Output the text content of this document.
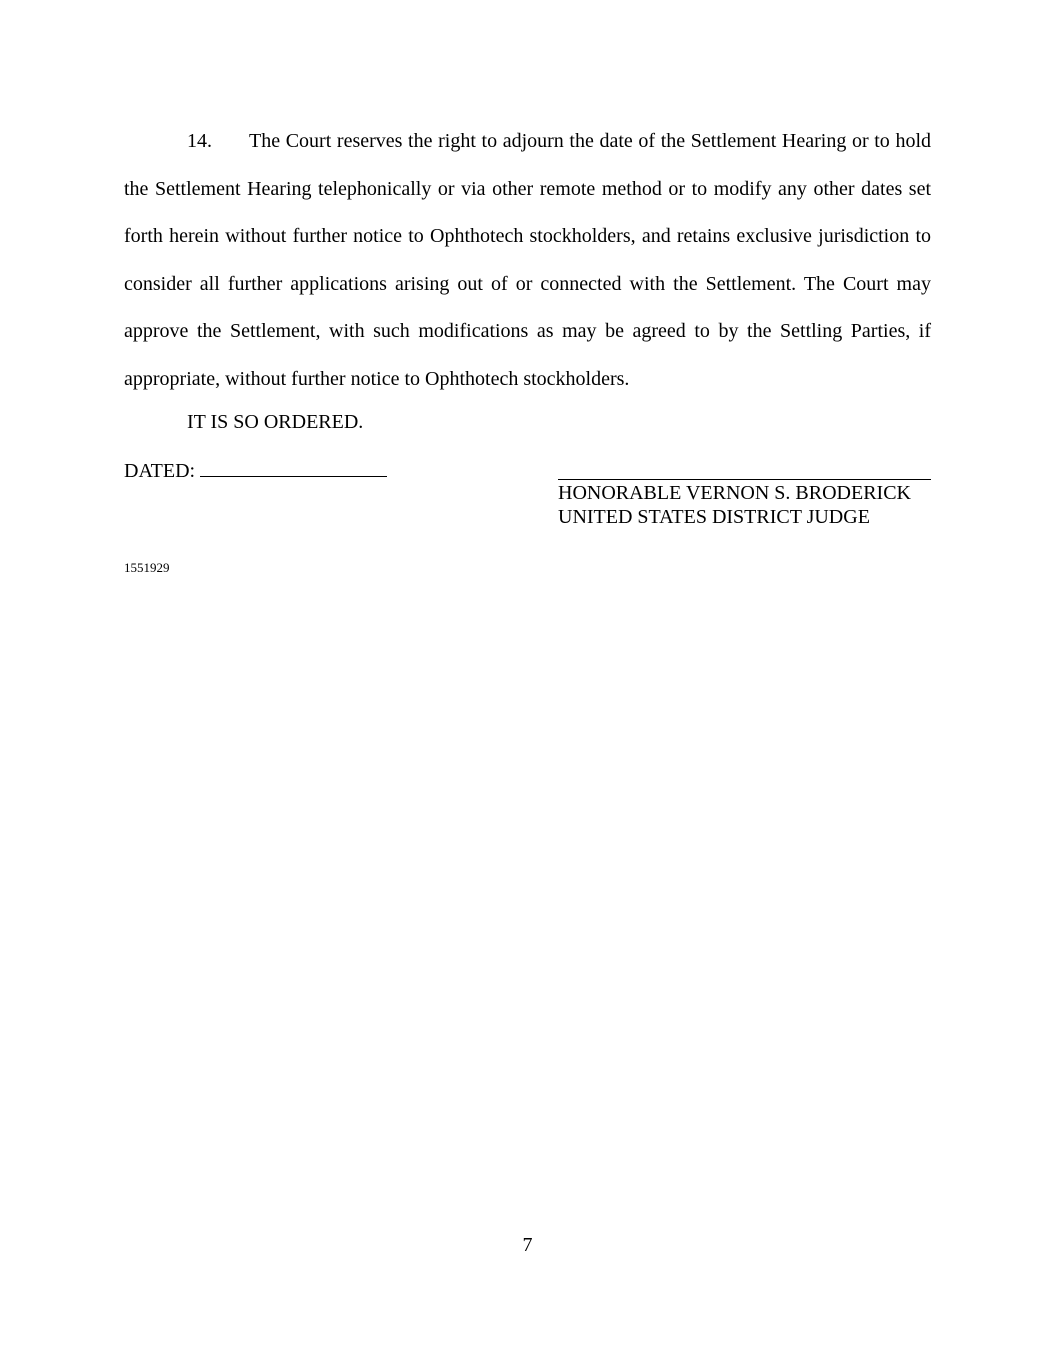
14. The Court reserves the right to adjourn the date of the Settlement Hearing or to hold the Settlement Hearing telephonically or via other remote method or to modify any other dates set forth herein without further notice to Ophthotech stockholders, and retains exclusive jurisdiction to consider all further applications arising out of or connected with the Settlement. The Court may approve the Settlement, with such modifications as may be agreed to by the Settling Parties, if appropriate, without further notice to Ophthotech stockholders.

IT IS SO ORDERED.

DATED:
HONORABLE VERNON S. BRODERICK
UNITED STATES DISTRICT JUDGE
1551929
7
